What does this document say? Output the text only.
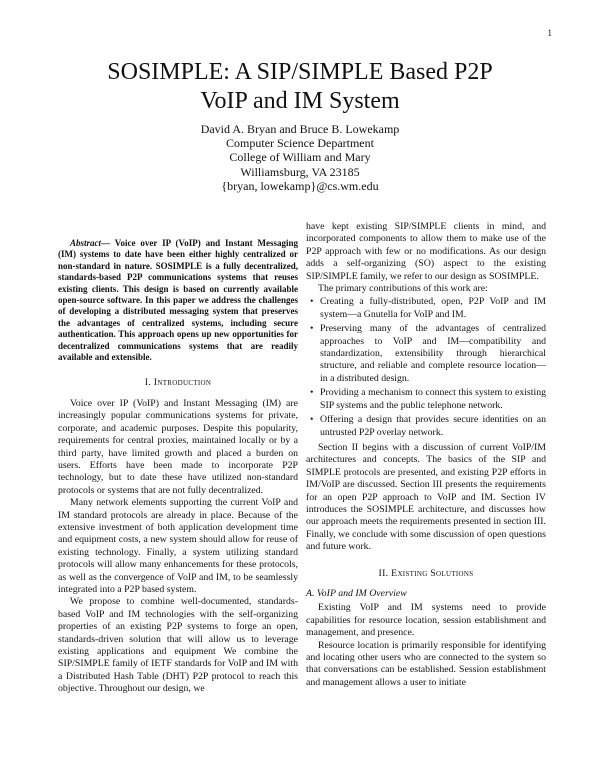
1
SOSIMPLE: A SIP/SIMPLE Based P2P
VoIP and IM System
David A. Bryan and Bruce B. Lowekamp
Computer Science Department
College of William and Mary
Williamsburg, VA 23185
{bryan, lowekamp}@cs.wm.edu

Abstract— Voice over IP (VoIP) and Instant Messaging (IM) systems to date have been either highly centralized or non-standard in nature. SOSIMPLE is a fully decentralized, standards-based P2P communications systems that reuses existing clients. This design is based on currently available open-source software. In this paper we address the challenges of developing a distributed messaging system that preserves the advantages of centralized systems, including secure authentication. This approach opens up new opportunities for decentralized communications systems that are readily available and extensible.

I. Introduction

Voice over IP (VoIP) and Instant Messaging (IM) are increasingly popular communications systems for private, corporate, and academic purposes. Despite this popularity, requirements for central proxies, maintained locally or by a third party, have limited growth and placed a burden on users. Efforts have been made to incorporate P2P technology, but to date these have utilized non-standard protocols or systems that are not fully decentralized.

Many network elements supporting the current VoIP and IM standard protocols are already in place. Because of the extensive investment of both application development time and equipment costs, a new system should allow for reuse of existing technology. Finally, a system utilizing standard protocols will allow many enhancements for these protocols, as well as the convergence of VoIP and IM, to be seamlessly integrated into a P2P based system.

We propose to combine well-documented, standards-based VoIP and IM technologies with the self-organizing properties of an existing P2P systems to forge an open, standards-driven solution that will allow us to leverage existing applications and equipment We combine the SIP/SIMPLE family of IETF standards for VoIP and IM with a Distributed Hash Table (DHT) P2P protocol to reach this objective. Throughout our design, we

have kept existing SIP/SIMPLE clients in mind, and incorporated components to allow them to make use of the P2P approach with few or no modifications. As our design adds a self-organizing (SO) aspect to the existing SIP/SIMPLE family, we refer to our design as SOSIMPLE.

The primary contributions of this work are:

• Creating a fully-distributed, open, P2P VoIP and IM system—a Gnutella for VoIP and IM.
• Preserving many of the advantages of centralized approaches to VoIP and IM—compatibility and standardization, extensibility through hierarchical structure, and reliable and complete resource location—in a distributed design.
• Providing a mechanism to connect this system to existing SIP systems and the public telephone network.
• Offering a design that provides secure identities on an untrusted P2P overlay network.

Section II begins with a discussion of current VoIP/IM architectures and concepts. The basics of the SIP and SIMPLE protocols are presented, and existing P2P efforts in IM/VoIP are discussed. Section III presents the requirements for an open P2P approach to VoIP and IM. Section IV introduces the SOSIMPLE architecture, and discusses how our approach meets the requirements presented in section III. Finally, we conclude with some discussion of open questions and future work.

II. Existing Solutions
A. VoIP and IM Overview

Existing VoIP and IM systems need to provide capabilities for resource location, session establishment and management, and presence.

Resource location is primarily responsible for identifying and locating other users who are connected to the system so that conversations can be established. Session establishment and management allows a user to initiate
